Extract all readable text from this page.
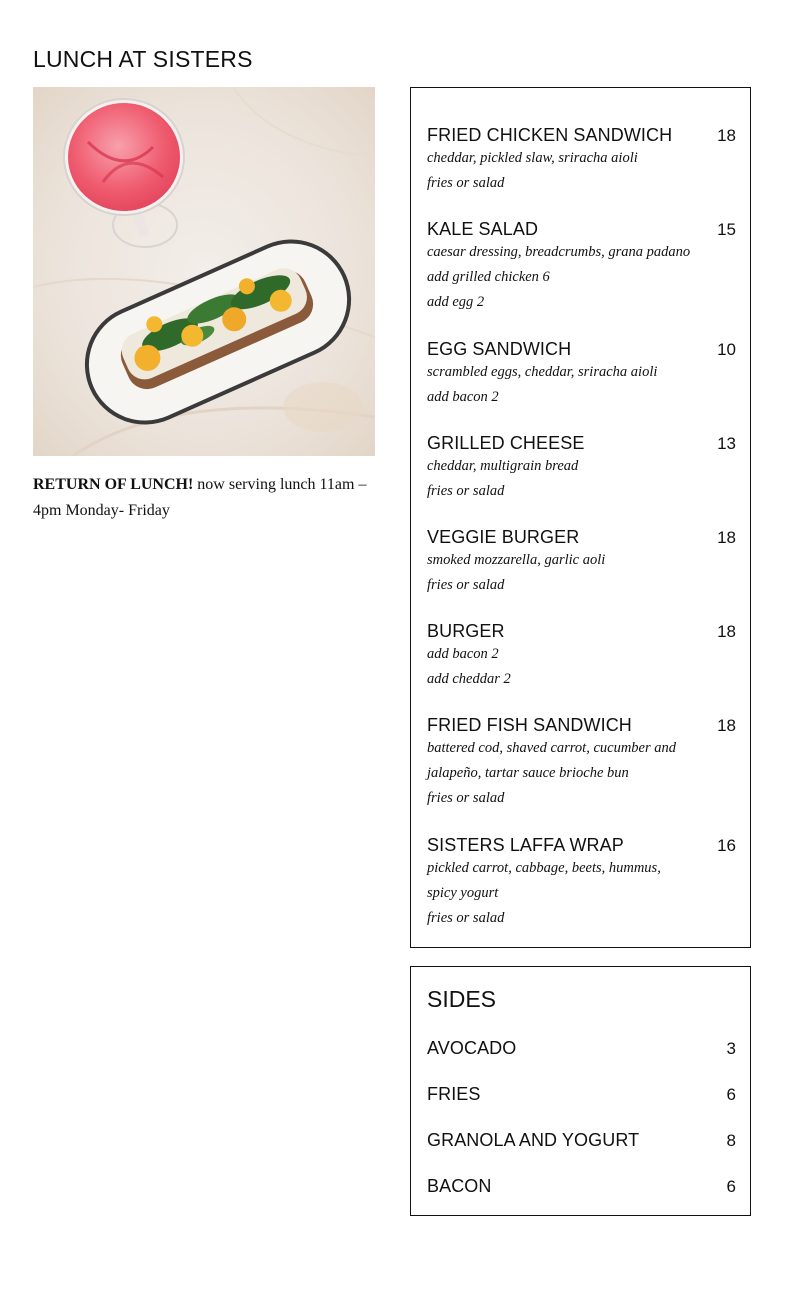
LUNCH AT SISTERS

RETURN OF LUNCH! now serving lunch 11am – 4pm Monday- Friday

FRIED CHICKEN SANDWICH	18
cheddar, pickled slaw, sriracha aioli
fries or salad
KALE SALAD	15
caesar dressing, breadcrumbs, grana padano
add grilled chicken 6
add egg 2
EGG SANDWICH	10
scrambled eggs, cheddar, sriracha aioli
add bacon 2
GRILLED CHEESE	13
cheddar, multigrain bread
fries or salad
VEGGIE BURGER	18
smoked mozzarella, garlic aoli
fries or salad
BURGER	18
add bacon 2
add cheddar 2
FRIED FISH SANDWICH	18
battered cod, shaved carrot, cucumber and jalapeño, tartar sauce brioche bun
fries or salad
SISTERS LAFFA WRAP	16
pickled carrot, cabbage, beets, hummus, spicy yogurt
fries or salad
SIDES
AVOCADO	3
FRIES	6
GRANOLA AND YOGURT	8
BACON	6
